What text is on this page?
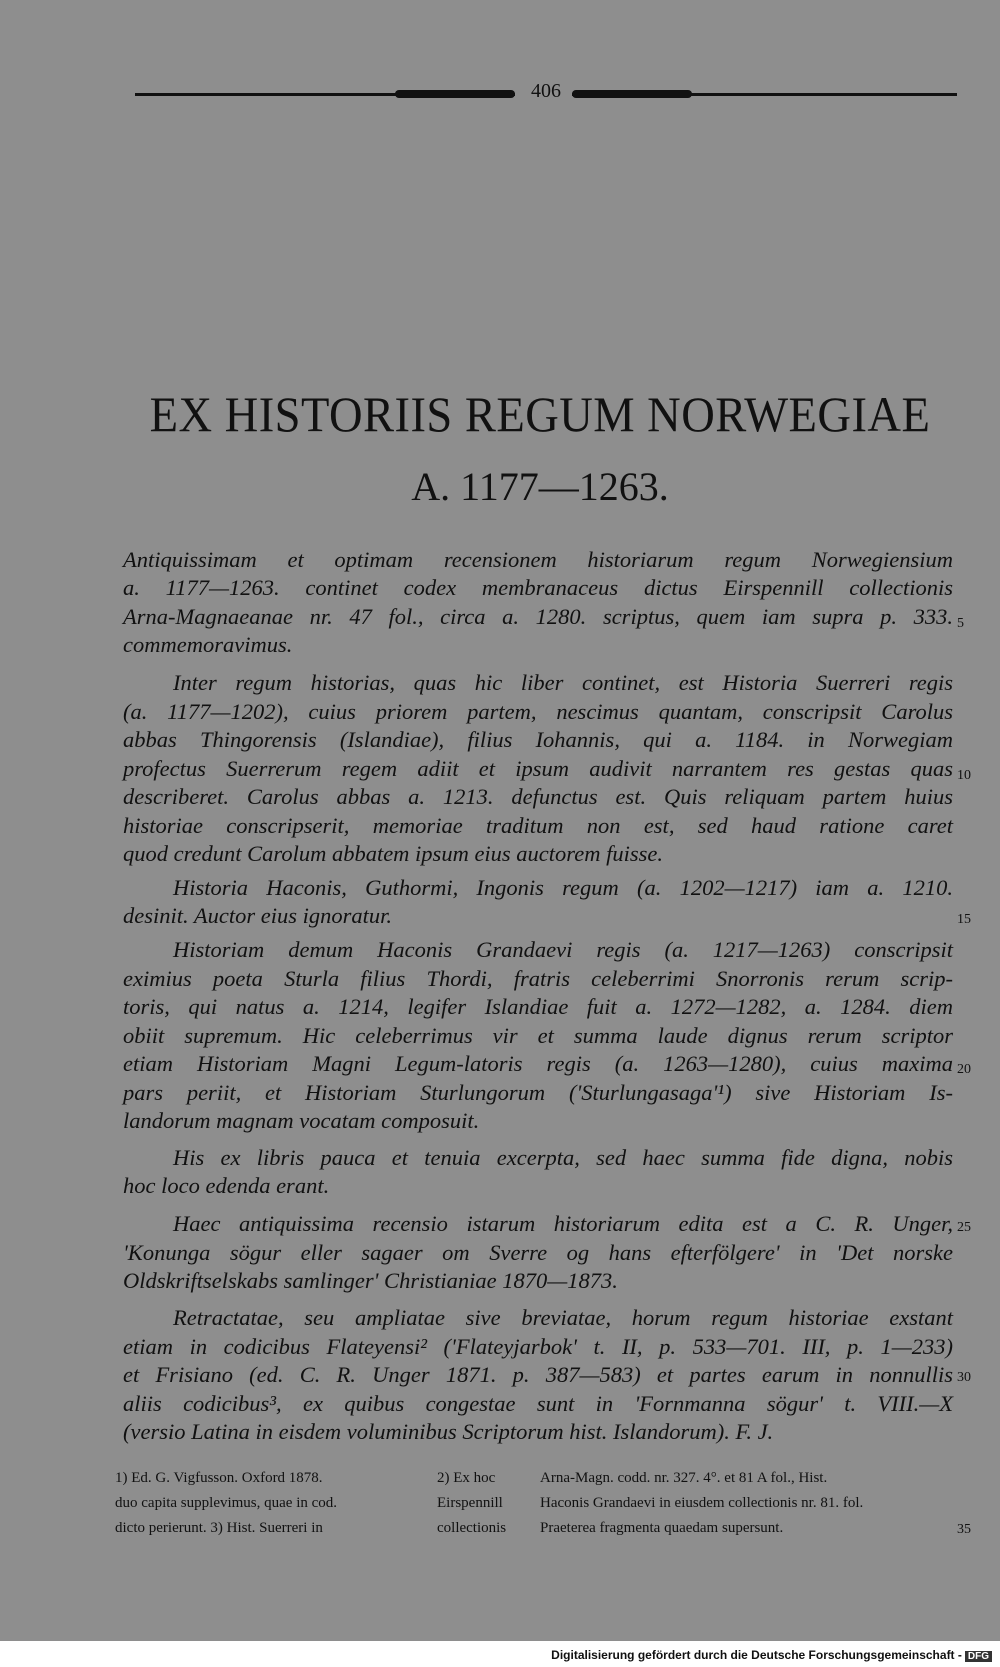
406
EX HISTORIIS REGUM NORWEGIAE
A. 1177—1263.
Antiquissimam et optimam recensionem historiarum regum Norwegiensium
a. 1177—1263. continet codex membranaceus dictus Eirspennill collectionis
Arna-Magnaeanae nr. 47 fol., circa a. 1280. scriptus, quem iam supra p. 333.
commemoravimus.
Inter regum historias, quas hic liber continet, est Historia Suerreri regis
(a. 1177—1202), cuius priorem partem, nescimus quantam, conscripsit Carolus
abbas Thingorensis (Islandiae), filius Iohannis, qui a. 1184. in Norwegiam
profectus Suerrerum regem adiit et ipsum audivit narrantem res gestas quas
describeret. Carolus abbas a. 1213. defunctus est. Quis reliquam partem huius
historiae conscripserit, memoriae traditum non est, sed haud ratione caret
quod credunt Carolum abbatem ipsum eius auctorem fuisse.
Historia Haconis, Guthormi, Ingonis regum (a. 1202—1217) iam a. 1210.
desinit. Auctor eius ignoratur.
Historiam demum Haconis Grandaevi regis (a. 1217—1263) conscripsit
eximius poeta Sturla filius Thordi, fratris celeberrimi Snorronis rerum scrip-
toris, qui natus a. 1214, legifer Islandiae fuit a. 1272—1282, a. 1284. diem
obiit supremum. Hic celeberrimus vir et summa laude dignus rerum scriptor
etiam Historiam Magni Legum-latoris regis (a. 1263—1280), cuius maxima
pars periit, et Historiam Sturlungorum ('Sturlungasaga'¹) sive Historiam Is-
landorum magnam vocatam composuit.
His ex libris pauca et tenuia excerpta, sed haec summa fide digna, nobis
hoc loco edenda erant.
Haec antiquissima recensio istarum historiarum edita est a C. R. Unger,
'Konunga sögur eller sagaer om Sverre og hans efterfölgere' in 'Det norske
Oldskriftselskabs samlinger' Christianiae 1870—1873.
Retractatae, seu ampliatae sive breviatae, horum regum historiae exstant
etiam in codicibus Flateyensi² ('Flateyjarbok' t. II, p. 533—701. III, p. 1—233)
et Frisiano (ed. C. R. Unger 1871. p. 387—583) et partes earum in nonnullis
aliis codicibus³, ex quibus congestae sunt in 'Fornmanna sögur' t. VIII.—X
(versio Latina in eisdem voluminibus Scriptorum hist. Islandorum). F. J.
5
10
15
20
25
30
35
1) Ed. G. Vigfusson. Oxford 1878.
duo capita supplevimus, quae in cod.
dicto perierunt. 3) Hist. Suerreri in
2) Ex hoc
Eirspennill
collectionis
Arna-Magn. codd. nr. 327. 4°. et 81 A fol., Hist.
Haconis Grandaevi in eiusdem collectionis nr. 81. fol.
Praeterea fragmenta quaedam supersunt.
Digitalisierung gefördert durch die Deutsche Forschungsgemeinschaft - DFG
